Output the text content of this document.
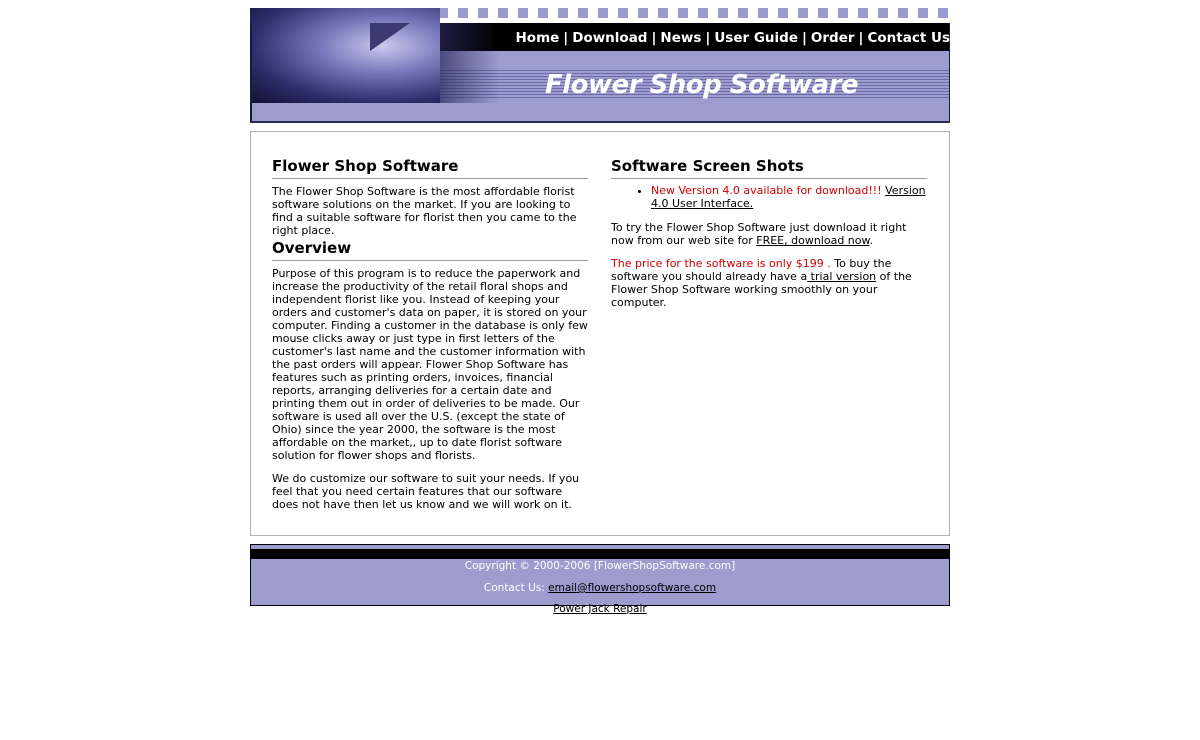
Home | Download | News | User Guide | Order | Contact Us
Flower Shop Software
Flower Shop Software

The Flower Shop Software is the most affordable florist software solutions on the market. If you are looking to find a suitable software for florist then you came to the right place.

Overview

Purpose of this program is to reduce the paperwork and increase the productivity of the retail floral shops and independent florist like you. Instead of keeping your orders and customer's data on paper, it is stored on your computer. Finding a customer in the database is only few mouse clicks away or just type in first letters of the customer's last name and the customer information with the past orders will appear. Flower Shop Software has features such as printing orders, invoices, financial reports, arranging deliveries for a certain date and printing them out in order of deliveries to be made. Our software is used all over the U.S. (except the state of Ohio) since the year 2000, the software is the most affordable on the market,, up to date florist software solution for flower shops and florists.

We do customize our software to suit your needs. If you feel that you need certain features that our software does not have then let us know and we will work on it.

Software Screen Shots
• New Version 4.0 available for download!!! Version 4.0 User Interface.

To try the Flower Shop Software just download it right now from our web site for FREE, download now.

The price for the software is only $199 . To buy the software you should already have a trial version of the Flower Shop Software working smoothly on your computer.

Copyright © 2000-2006 [FlowerShopSoftware.com]
Contact Us: email@flowershopsoftware.com
Power Jack Repair
